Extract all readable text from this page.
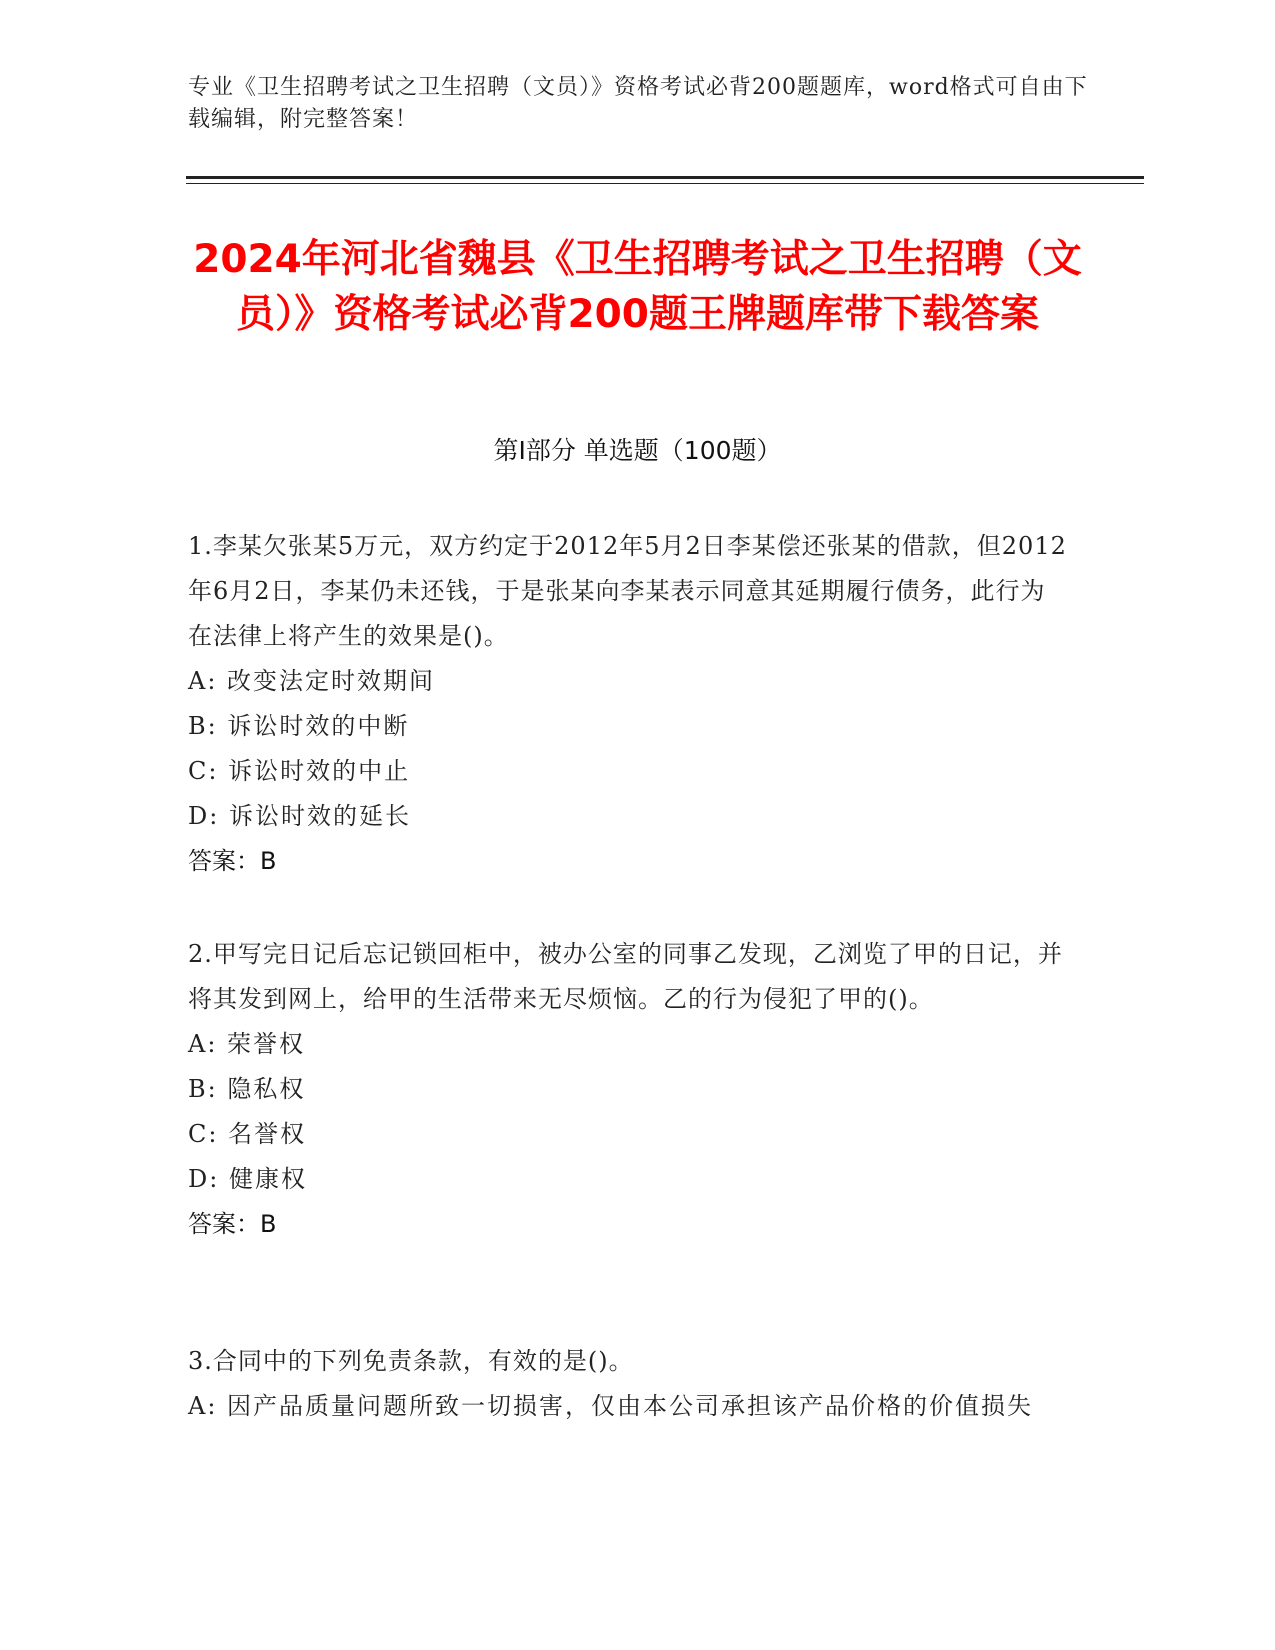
专业《卫生招聘考试之卫生招聘（文员）》资格考试必背200题题库，word格式可自由下载编辑，附完整答案！
2024年河北省魏县《卫生招聘考试之卫生招聘（文员）》资格考试必背200题王牌题库带下载答案
第I部分 单选题（100题）

1.李某欠张某5万元，双方约定于2012年5月2日李某偿还张某的借款，但2012年6月2日，李某仍未还钱，于是张某向李某表示同意其延期履行债务，此行为在法律上将产生的效果是()。

A: 改变法定时效期间

B: 诉讼时效的中断

C: 诉讼时效的中止

D: 诉讼时效的延长

答案：B

2.甲写完日记后忘记锁回柜中，被办公室的同事乙发现，乙浏览了甲的日记，并将其发到网上，给甲的生活带来无尽烦恼。乙的行为侵犯了甲的()。

A: 荣誉权

B: 隐私权

C: 名誉权

D: 健康权

答案：B

3.合同中的下列免责条款，有效的是()。

A: 因产品质量问题所致一切损害，仅由本公司承担该产品价格的价值损失
